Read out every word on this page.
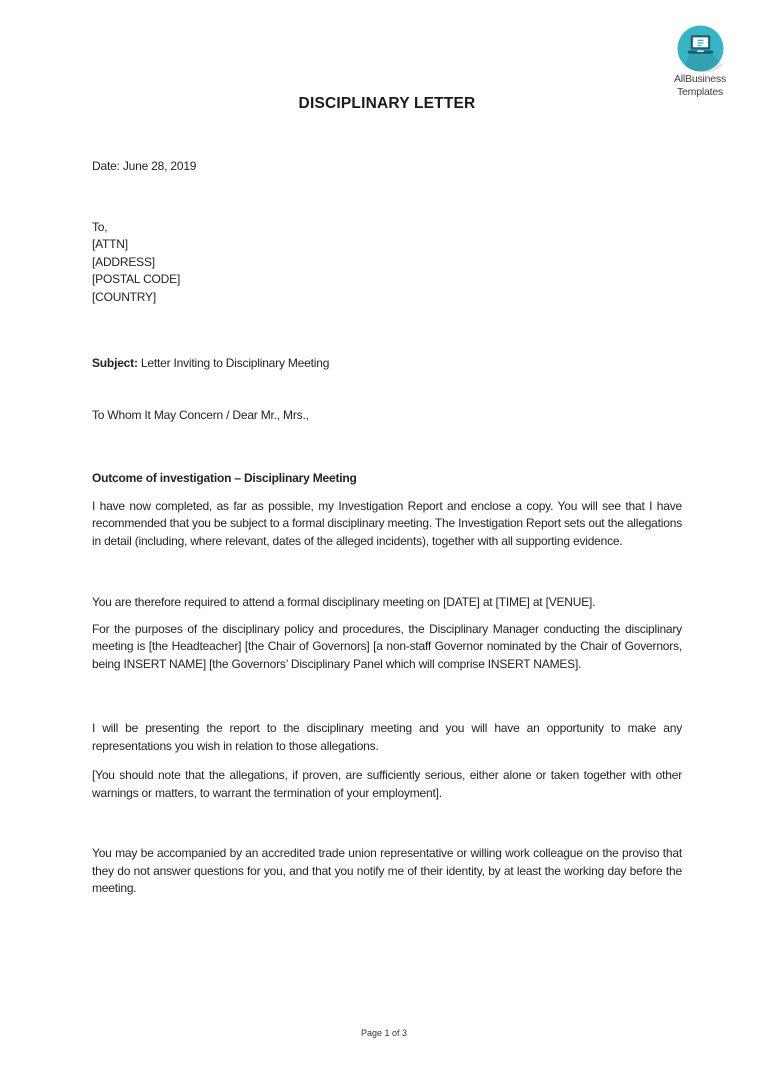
AllBusiness
Templates
DISCIPLINARY LETTER

Date: June 28, 2019

To,

[ATTN]

[ADDRESS]

[POSTAL CODE]

[COUNTRY]

Subject: Letter Inviting to Disciplinary Meeting

To Whom It May Concern / Dear Mr., Mrs.,

Outcome of investigation – Disciplinary Meeting

I have now completed, as far as possible, my Investigation Report and enclose a copy. You will see that I have recommended that you be subject to a formal disciplinary meeting. The Investigation Report sets out the allegations in detail (including, where relevant, dates of the alleged incidents), together with all supporting evidence.

You are therefore required to attend a formal disciplinary meeting on [DATE] at [TIME] at [VENUE].

For the purposes of the disciplinary policy and procedures, the Disciplinary Manager conducting the disciplinary meeting is [the Headteacher] [the Chair of Governors] [a non-staff Governor nominated by the Chair of Governors, being INSERT NAME] [the Governors’ Disciplinary Panel which will comprise INSERT NAMES].

I will be presenting the report to the disciplinary meeting and you will have an opportunity to make any representations you wish in relation to those allegations.

[You should note that the allegations, if proven, are sufficiently serious, either alone or taken together with other warnings or matters, to warrant the termination of your employment].

You may be accompanied by an accredited trade union representative or willing work colleague on the proviso that they do not answer questions for you, and that you notify me of their identity, by at least the working day before the meeting.

Page 1 of 3
